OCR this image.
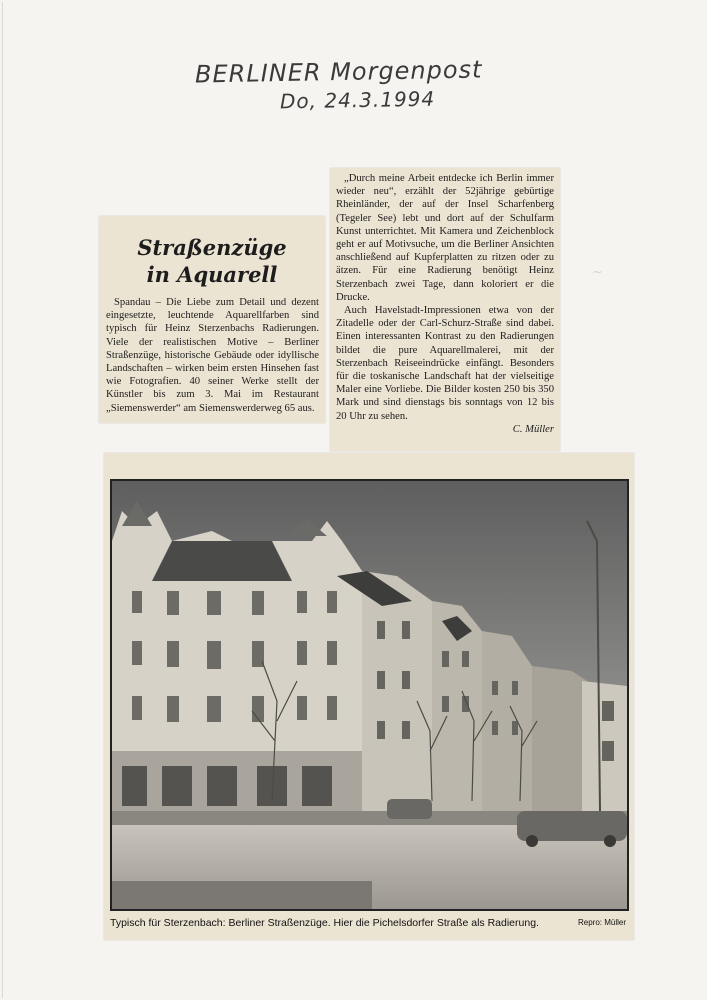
BERLINER Morgenpost
Do, 24.3.1994
~
Straßenzüge
in Aquarell

Spandau – Die Liebe zum Detail und dezent eingesetzte, leuchtende Aquarellfarben sind typisch für Heinz Sterzenbachs Radierungen. Viele der realistischen Motive – Berliner Straßenzüge, historische Gebäude oder idyllische Landschaften – wirken beim ersten Hinsehen fast wie Fotografien. 40 seiner Werke stellt der Künstler bis zum 3. Mai im Restaurant „Siemenswerder“ am Siemenswerderweg 65 aus.

„Durch meine Arbeit entdecke ich Berlin immer wieder neu“, erzählt der 52jährige gebürtige Rheinländer, der auf der Insel Scharfenberg (Tegeler See) lebt und dort auf der Schulfarm Kunst unterrichtet. Mit Kamera und Zeichenblock geht er auf Motivsuche, um die Berliner Ansichten anschließend auf Kupferplatten zu ritzen oder zu ätzen. Für eine Radierung benötigt Heinz Sterzenbach zwei Tage, dann koloriert er die Drucke.

Auch Havelstadt-Impressionen etwa von der Zitadelle oder der Carl-Schurz-Straße sind dabei. Einen interessanten Kontrast zu den Radierungen bildet die pure Aquarellmalerei, mit der Sterzenbach Reiseeindrücke einfängt. Besonders für die toskanische Landschaft hat der vielseitige Maler eine Vorliebe. Die Bilder kosten 250 bis 350 Mark und sind dienstags bis sonntags von 12 bis 20 Uhr zu sehen.

C. Müller
Typisch für Sterzenbach: Berliner Straßenzüge. Hier die Pichelsdorfer Straße als Radierung.	Repro: Müller
